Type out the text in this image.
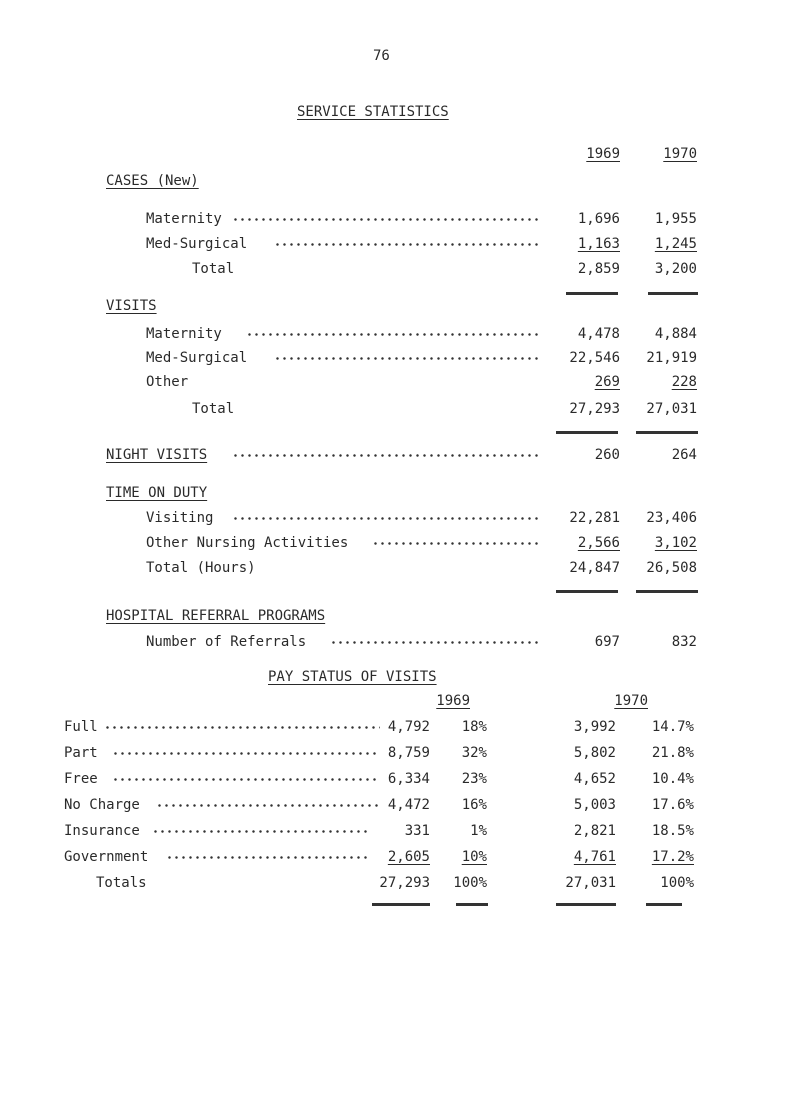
76
SERVICE STATISTICS
1969	1970
CASES (New)
Maternity	1,696	1,955
Med-Surgical	1,163	1,245
Total	2,859	3,200
VISITS
Maternity	4,478	4,884
Med-Surgical	22,546	21,919
Other	269	228
Total	27,293	27,031
NIGHT VISITS	260	264
TIME ON DUTY
Visiting	22,281	23,406
Other Nursing Activities	2,566	3,102
Total (Hours)	24,847	26,508
HOSPITAL REFERRAL PROGRAMS
Number of Referrals	697	832
PAY STATUS OF VISITS
1969	1970
Full	4,792	18%	3,992	14.7%
Part	8,759	32%	5,802	21.8%
Free	6,334	23%	4,652	10.4%
No Charge	4,472	16%	5,003	17.6%
Insurance	331	1%	2,821	18.5%
Government	2,605	10%	4,761	17.2%
Totals	27,293	100%	27,031	100%
